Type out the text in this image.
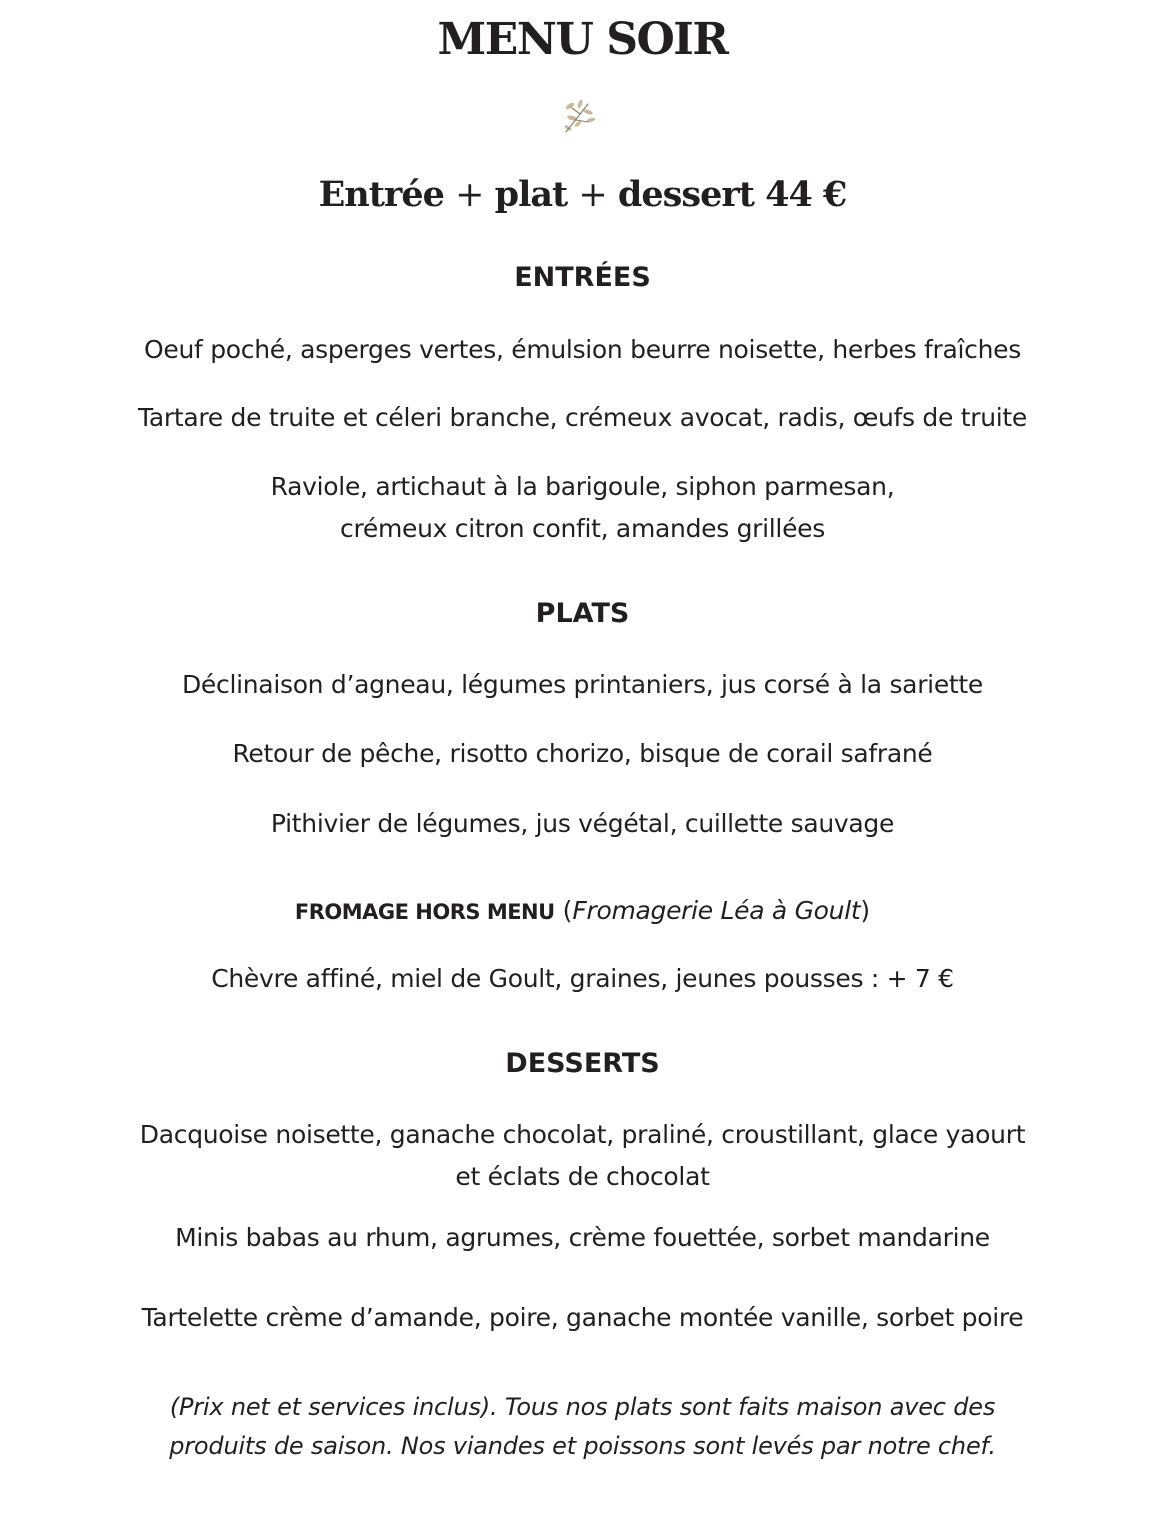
MENU SOIR
Entrée + plat + dessert 44 €
ENTRÉES
Oeuf poché, asperges vertes, émulsion beurre noisette, herbes fraîches
Tartare de truite et céleri branche, crémeux avocat, radis, œufs de truite
Raviole, artichaut à la barigoule, siphon parmesan,
crémeux citron confit, amandes grillées
PLATS
Déclinaison d’agneau, légumes printaniers, jus corsé à la sariette
Retour de pêche, risotto chorizo, bisque de corail safrané
Pithivier de légumes, jus végétal, cuillette sauvage
FROMAGE HORS MENU (Fromagerie Léa à Goult)
Chèvre affiné, miel de Goult, graines, jeunes pousses : + 7 €
DESSERTS
Dacquoise noisette, ganache chocolat, praliné, croustillant, glace yaourt
et éclats de chocolat
Minis babas au rhum, agrumes, crème fouettée, sorbet mandarine
Tartelette crème d’amande, poire, ganache montée vanille, sorbet poire
(Prix net et services inclus). Tous nos plats sont faits maison avec des
produits de saison. Nos viandes et poissons sont levés par notre chef.
